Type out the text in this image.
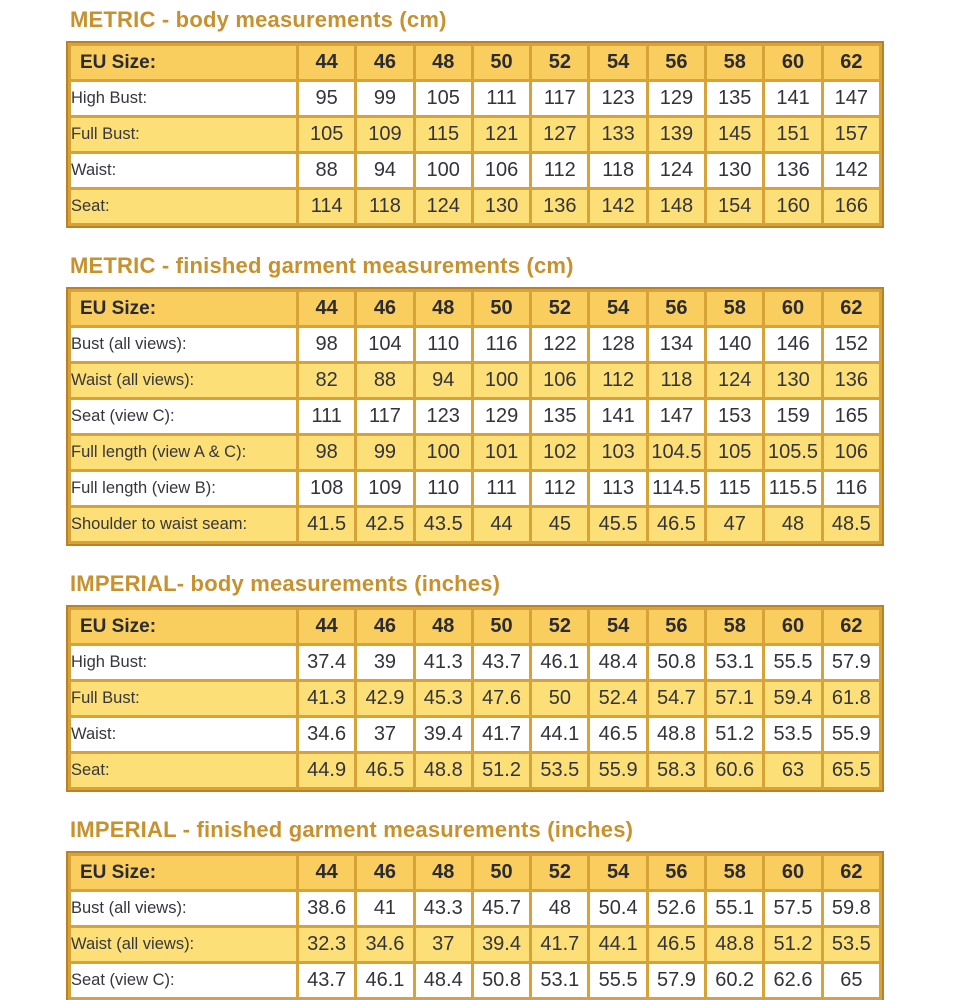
METRIC - body measurements (cm)
EU Size:	44	46	48	50	52	54	56	58	60	62
High Bust:	95	99	105	111	117	123	129	135	141	147
Full Bust:	105	109	115	121	127	133	139	145	151	157
Waist:	88	94	100	106	112	118	124	130	136	142
Seat:	114	118	124	130	136	142	148	154	160	166
METRIC - finished garment measurements (cm)
EU Size:	44	46	48	50	52	54	56	58	60	62
Bust (all views):	98	104	110	116	122	128	134	140	146	152
Waist (all views):	82	88	94	100	106	112	118	124	130	136
Seat (view C):	111	117	123	129	135	141	147	153	159	165
Full length (view A & C):	98	99	100	101	102	103	104.5	105	105.5	106
Full length (view B):	108	109	110	111	112	113	114.5	115	115.5	116
Shoulder to waist seam:	41.5	42.5	43.5	44	45	45.5	46.5	47	48	48.5
IMPERIAL- body measurements (inches)
EU Size:	44	46	48	50	52	54	56	58	60	62
High Bust:	37.4	39	41.3	43.7	46.1	48.4	50.8	53.1	55.5	57.9
Full Bust:	41.3	42.9	45.3	47.6	50	52.4	54.7	57.1	59.4	61.8
Waist:	34.6	37	39.4	41.7	44.1	46.5	48.8	51.2	53.5	55.9
Seat:	44.9	46.5	48.8	51.2	53.5	55.9	58.3	60.6	63	65.5
IMPERIAL - finished garment measurements (inches)
EU Size:	44	46	48	50	52	54	56	58	60	62
Bust (all views):	38.6	41	43.3	45.7	48	50.4	52.6	55.1	57.5	59.8
Waist (all views):	32.3	34.6	37	39.4	41.7	44.1	46.5	48.8	51.2	53.5
Seat (view C):	43.7	46.1	48.4	50.8	53.1	55.5	57.9	60.2	62.6	65
